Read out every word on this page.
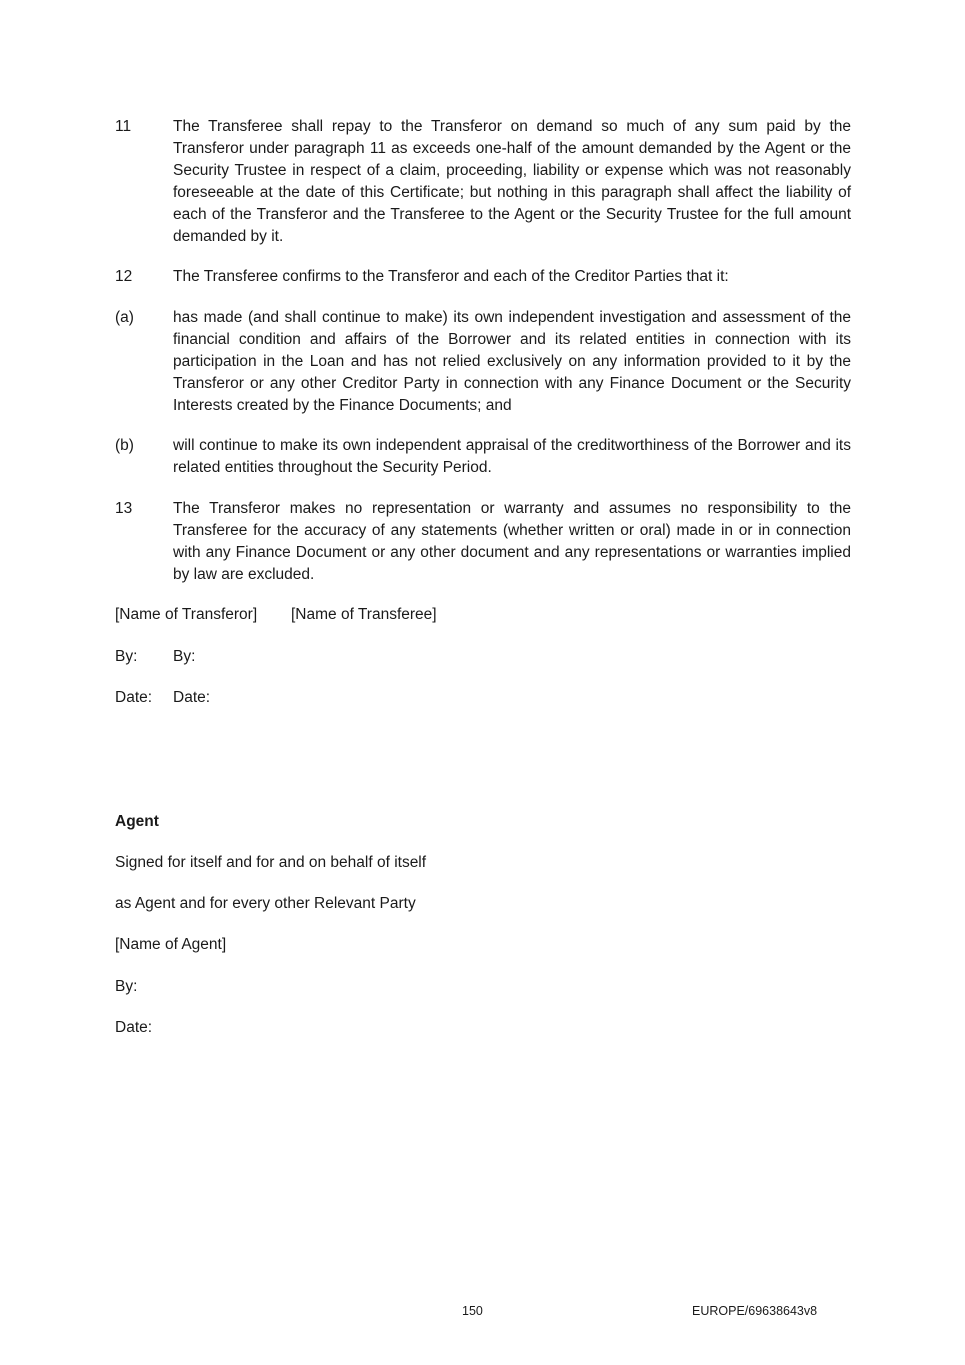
11	The Transferee shall repay to the Transferor on demand so much of any sum paid by the Transferor under paragraph 11 as exceeds one-half of the amount demanded by the Agent or the Security Trustee in respect of a claim, proceeding, liability or expense which was not reasonably foreseeable at the date of this Certificate; but nothing in this paragraph shall affect the liability of each of the Transferor and the Transferee to the Agent or the Security Trustee for the full amount demanded by it.
12	The Transferee confirms to the Transferor and each of the Creditor Parties that it:
(a)	has made (and shall continue to make) its own independent investigation and assessment of the financial condition and affairs of the Borrower and its related entities in connection with its participation in the Loan and has not relied exclusively on any information provided to it by the Transferor or any other Creditor Party in connection with any Finance Document or the Security Interests created by the Finance Documents; and
(b)	will continue to make its own independent appraisal of the creditworthiness of the Borrower and its related entities throughout the Security Period.
13	The Transferor makes no representation or warranty and assumes no responsibility to the Transferee for the accuracy of any statements (whether written or oral) made in or in connection with any Finance Document or any other document and any representations or warranties implied by law are excluded.
[Name of Transferor] [Name of Transferee]
By: By:
Date: Date:
Agent
Signed for itself and for and on behalf of itself
as Agent and for every other Relevant Party
[Name of Agent]
By:
Date:
150	EUROPE/69638643v8
